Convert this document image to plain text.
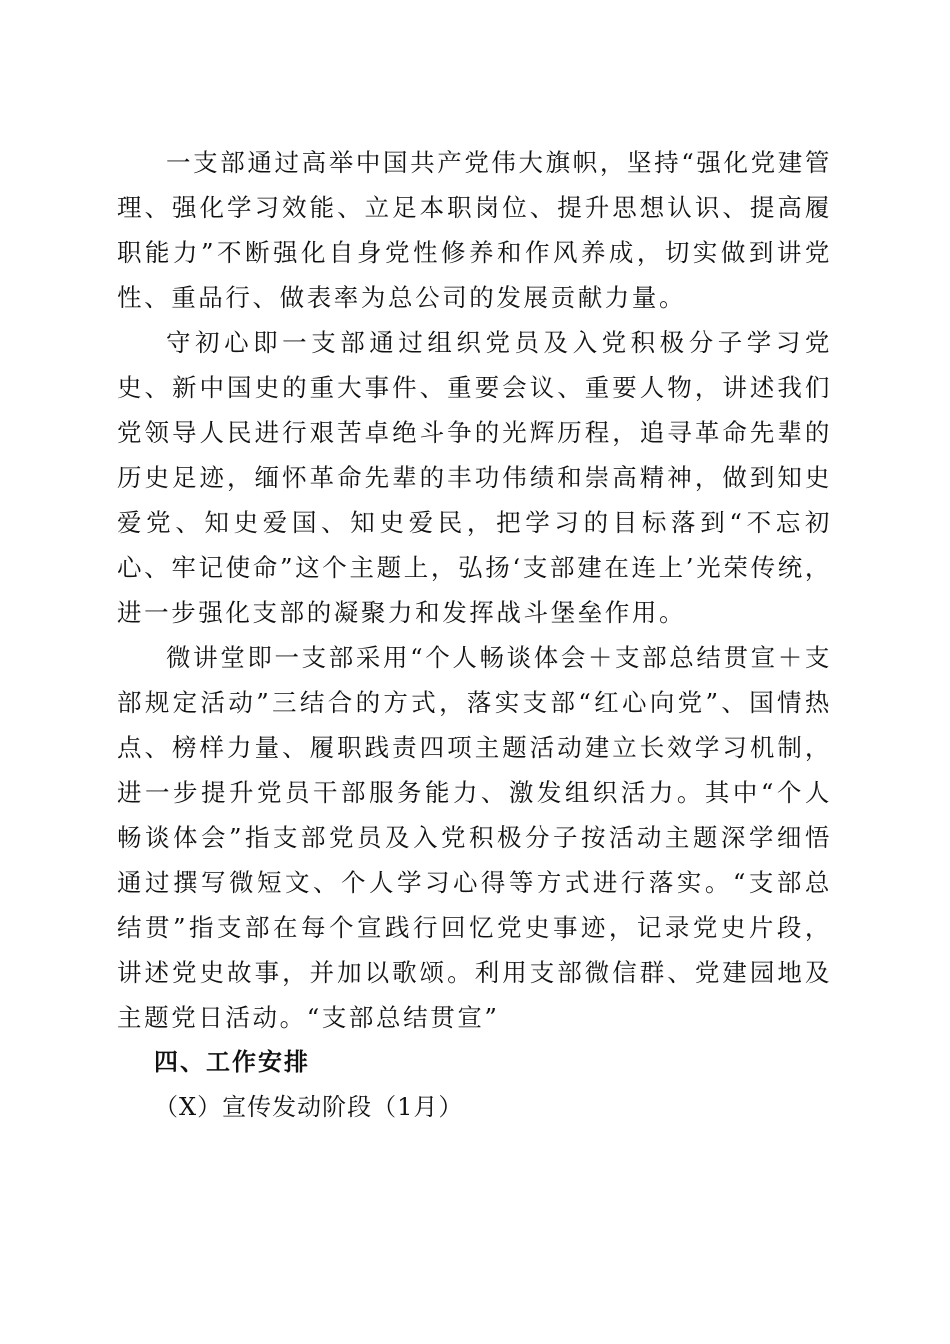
一支部通过高举中国共产党伟大旗帜，坚持“强化党建管理、强化学习效能、立足本职岗位、提升思想认识、提高履职能力”不断强化自身党性修养和作风养成，切实做到讲党性、重品行、做表率为总公司的发展贡献力量。

守初心即一支部通过组织党员及入党积极分子学习党史、新中国史的重大事件、重要会议、重要人物，讲述我们党领导人民进行艰苦卓绝斗争的光辉历程，追寻革命先辈的历史足迹，缅怀革命先辈的丰功伟绩和崇高精神，做到知史爱党、知史爱国、知史爱民，把学习的目标落到“不忘初心、牢记使命”这个主题上，弘扬‘支部建在连上’光荣传统，进一步强化支部的凝聚力和发挥战斗堡垒作用。

微讲堂即一支部采用“个人畅谈体会＋支部总结贯宣＋支部规定活动”三结合的方式，落实支部“红心向党”、国情热点、榜样力量、履职践责四项主题活动建立长效学习机制，进一步提升党员干部服务能力、激发组织活力。其中“个人畅谈体会”指支部党员及入党积极分子按活动主题深学细悟通过撰写微短文、个人学习心得等方式进行落实。“支部总结贯”指支部在每个宣践行回忆党史事迹，记录党史片段，讲述党史故事，并加以歌颂。利用支部微信群、党建园地及主题党日活动。“支部总结贯宣”

四、工作安排

（X）宣传发动阶段（1月）
